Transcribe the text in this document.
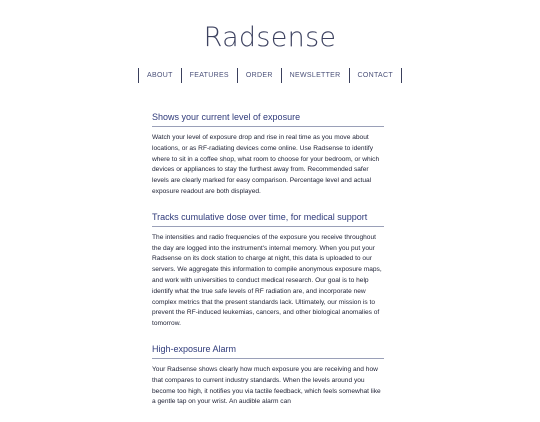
Radsense
ABOUT	FEATURES	ORDER	NEWSLETTER	CONTACT
Shows your current level of exposure

Watch your level of exposure drop and rise in real time as you move about locations, or as RF-radiating devices come online. Use Radsense to identify where to sit in a coffee shop, what room to choose for your bedroom, or which devices or appliances to stay the furthest away from. Recommended safer levels are clearly marked for easy comparison. Percentage level and actual exposure readout are both displayed.

Tracks cumulative dose over time, for medical support

The intensities and radio frequencies of the exposure you receive throughout the day are logged into the instrument's internal memory. When you put your Radsense on its dock station to charge at night, this data is uploaded to our servers. We aggregate this information to compile anonymous exposure maps, and work with universities to conduct medical research. Our goal is to help identify what the true safe levels of RF radiation are, and incorporate new complex metrics that the present standards lack. Ultimately, our mission is to prevent the RF-induced leukemias, cancers, and other biological anomalies of tomorrow.

High-exposure Alarm

Your Radsense shows clearly how much exposure you are receiving and how that compares to current industry standards. When the levels around you become too high, it notifies you via tactile feedback, which feels somewhat like a gentle tap on your wrist. An audible alarm can
